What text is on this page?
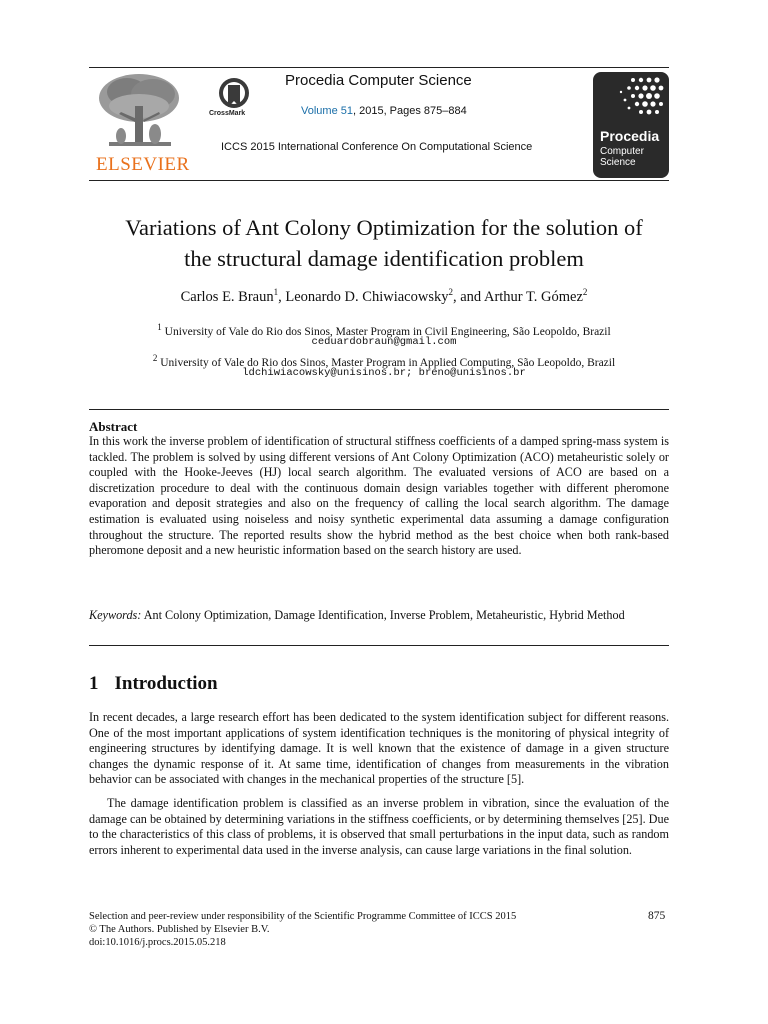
ELSEVIER
CrossMark
Procedia Computer Science
Volume 51, 2015, Pages 875–884
ICCS 2015 International Conference On Computational Science
Procedia
Computer
Science
Variations of Ant Colony Optimization for the solution of
the structural damage identification problem
Carlos E. Braun$^1$, Leonardo D. Chiwiacowsky$^2$, and Arthur T. Gómez$^2$
$^1$ University of Vale do Rio dos Sinos, Master Program in Civil Engineering, São Leopoldo, Brazil
ceduardobraun@gmail.com
$^2$ University of Vale do Rio dos Sinos, Master Program in Applied Computing, São Leopoldo, Brazil
ldchiwiacowsky@unisinos.br; breno@unisinos.br
Abstract

In this work the inverse problem of identification of structural stiffness coefficients of a damped spring-mass system is tackled. The problem is solved by using different versions of Ant Colony Optimization (ACO) metaheuristic solely or coupled with the Hooke-Jeeves (HJ) local search algorithm. The evaluated versions of ACO are based on a discretization procedure to deal with the continuous domain design variables together with different pheromone evaporation and deposit strategies and also on the frequency of calling the local search algorithm. The damage estimation is evaluated using noiseless and noisy synthetic experimental data assuming a damage configuration throughout the structure. The reported results show the hybrid method as the best choice when both rank-based pheromone deposit and a new heuristic information based on the search history are used.

Keywords: Ant Colony Optimization, Damage Identification, Inverse Problem, Metaheuristic, Hybrid Method
1 Introduction

In recent decades, a large research effort has been dedicated to the system identification subject for different reasons. One of the most important applications of system identification techniques is the monitoring of physical integrity of engineering structures by identifying damage. It is well known that the existence of damage in a given structure changes the dynamic response of it. At same time, identification of changes from measurements in the vibration behavior can be associated with changes in the mechanical properties of the structure [5].

The damage identification problem is classified as an inverse problem in vibration, since the evaluation of the damage can be obtained by determining variations in the stiffness coefficients, or by determining themselves [25]. Due to the characteristics of this class of problems, it is observed that small perturbations in the input data, such as random errors inherent to experimental data used in the inverse analysis, can cause large variations in the final solution.

Selection and peer-review under responsibility of the Scientific Programme Committee of ICCS 2015
© The Authors. Published by Elsevier B.V.
doi:10.1016/j.procs.2015.05.218
875
